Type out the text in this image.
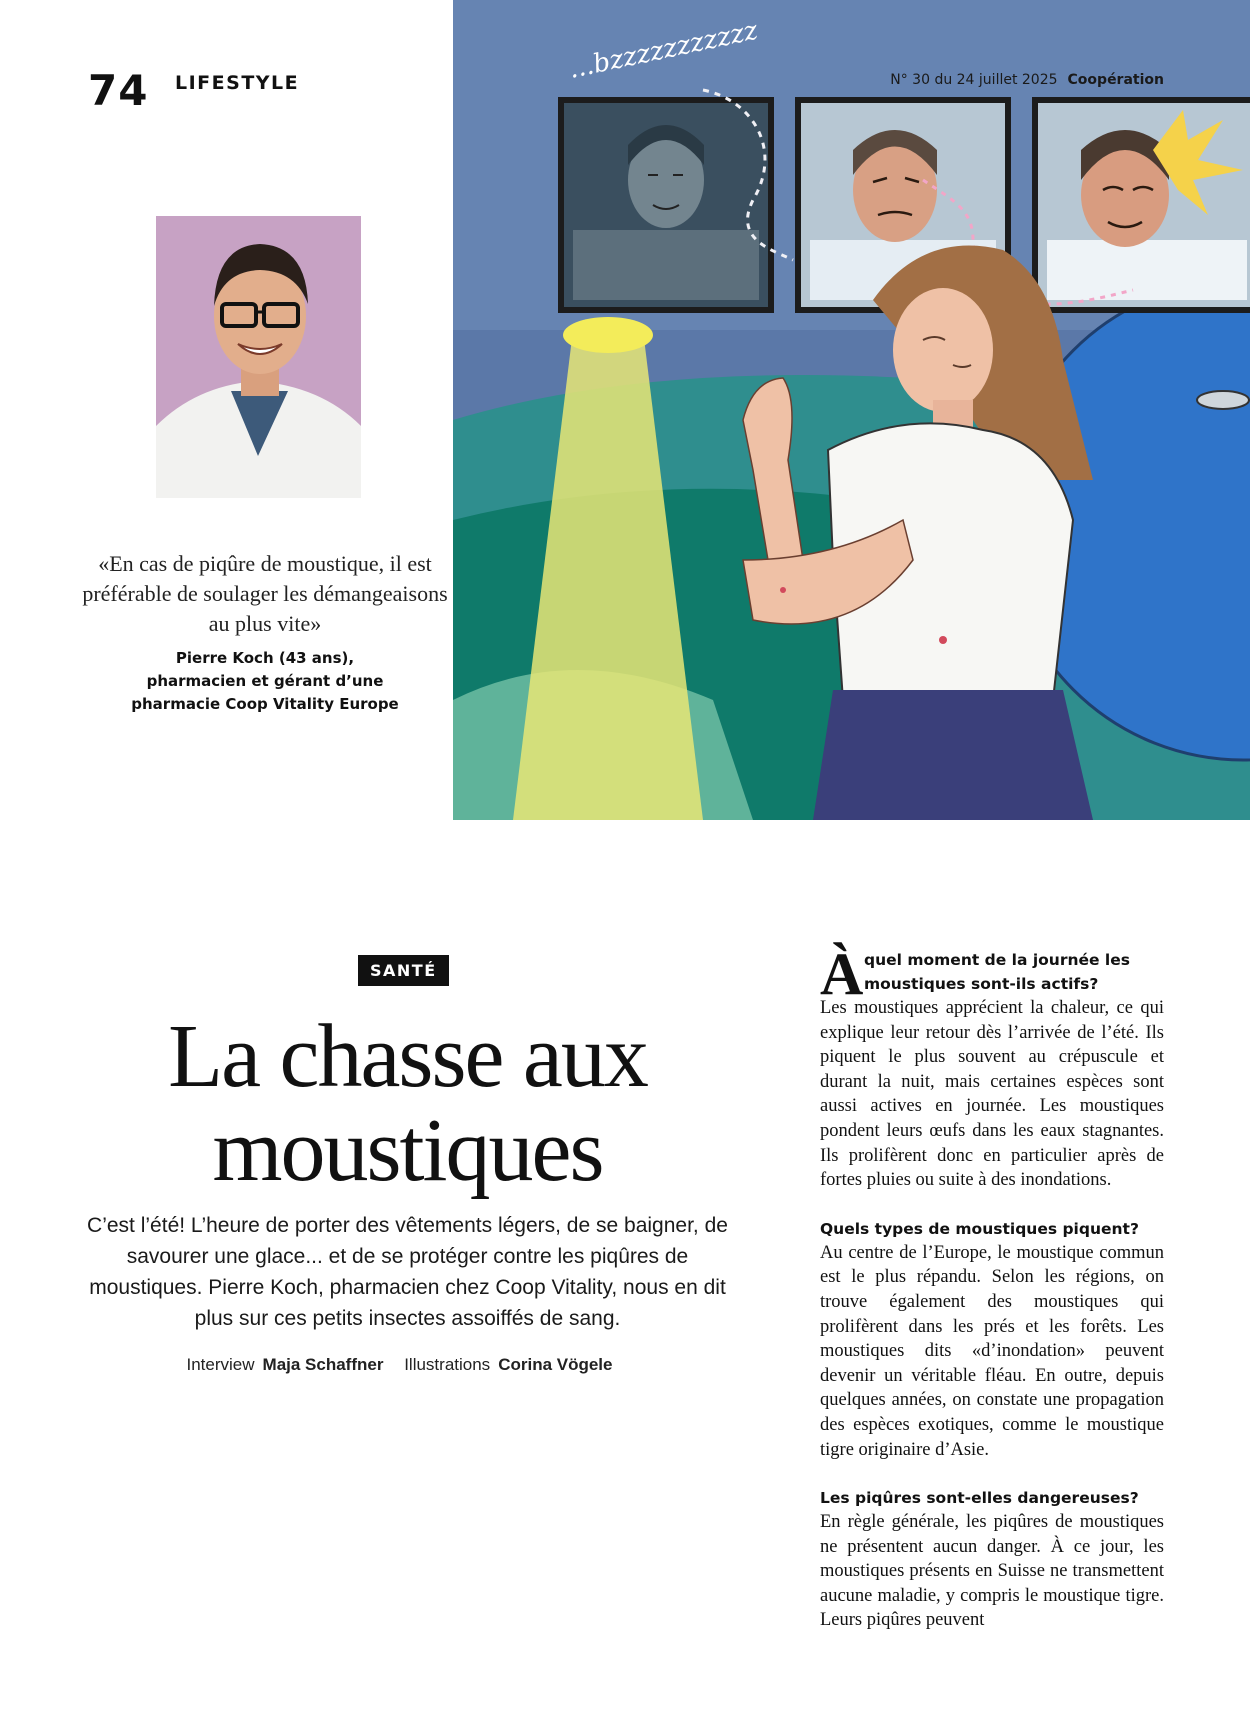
74 LIFESTYLE	...bzzzzzzzzzzz	N° 30 du 24 juillet 2025 Coopération
«En cas de piqûre de moustique, il est préférable de soulager les démangeaisons au plus vite»
Pierre Koch (43 ans),
pharmacien et gérant d’une
pharmacie Coop Vitality Europe
SANTÉ
La chasse aux
moustiques
C’est l’été! L’heure de porter des vêtements légers, de se baigner, de savourer une glace... et de se protéger contre les piqûres de moustiques. Pierre Koch, pharmacien chez Coop Vitality, nous en dit plus sur ces petits insectes assoiffés de sang.
Interview Maja Schaffner Illustrations Corina Vögele
À quel moment de la journée les moustiques sont-ils actifs?
Les moustiques apprécient la chaleur, ce qui explique leur retour dès l’arrivée de l’été. Ils piquent le plus souvent au crépuscule et durant la nuit, mais certaines espèces sont aussi actives en journée. Les moustiques pondent leurs œufs dans les eaux stagnantes. Ils prolifèrent donc en particulier après de fortes pluies ou suite à des inondations.
Quels types de moustiques piquent?
Au centre de l’Europe, le moustique commun est le plus répandu. Selon les régions, on trouve également des moustiques qui prolifèrent dans les prés et les forêts. Les moustiques dits «d’inondation» peuvent devenir un véritable fléau. En outre, depuis quelques années, on constate une propagation des espèces exotiques, comme le moustique tigre originaire d’Asie.
Les piqûres sont-elles dangereuses?
En règle générale, les piqûres de moustiques ne présentent aucun danger. À ce jour, les moustiques présents en Suisse ne transmettent aucune maladie, y compris le moustique tigre. Leurs piqûres peuvent
